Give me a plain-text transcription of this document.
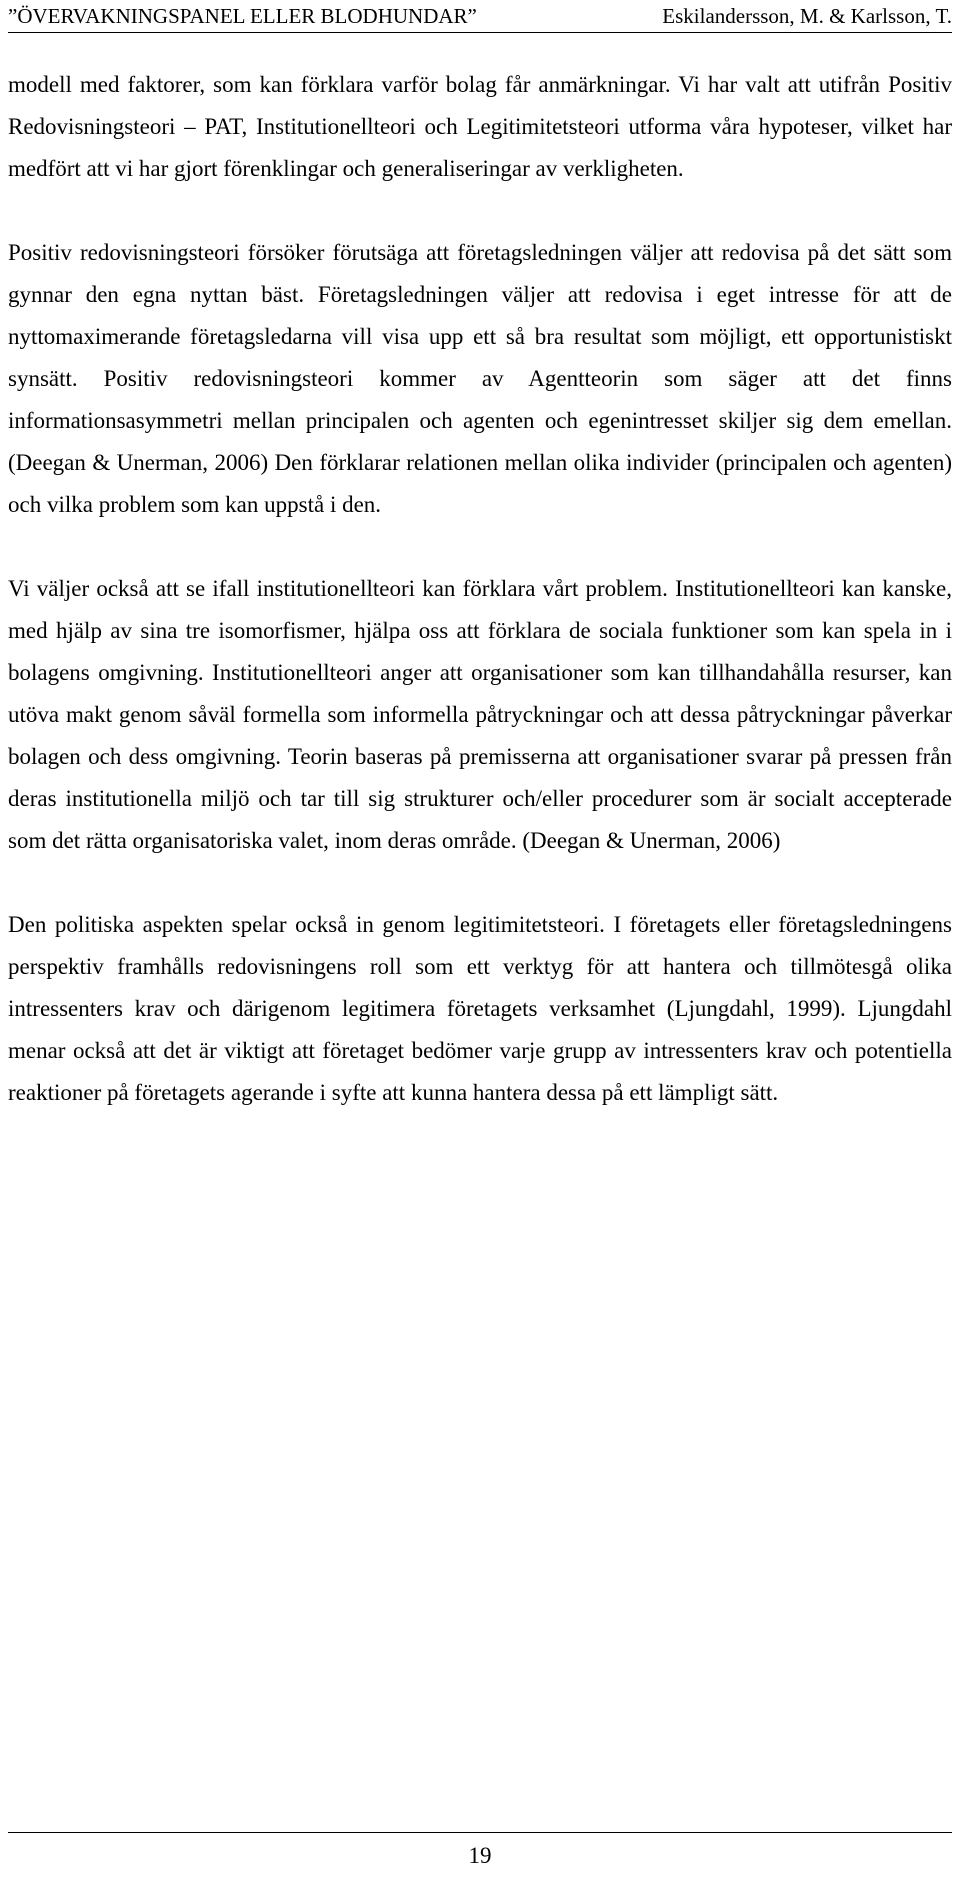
”ÖVERVAKNINGSPANEL ELLER BLODHUNDAR”	Eskilandersson, M. & Karlsson, T.

modell med faktorer, som kan förklara varför bolag får anmärkningar. Vi har valt att utifrån Positiv Redovisningsteori – PAT, Institutionellteori och Legitimitetsteori utforma våra hypoteser, vilket har medfört att vi har gjort förenklingar och generaliseringar av verkligheten.

Positiv redovisningsteori försöker förutsäga att företagsledningen väljer att redovisa på det sätt som gynnar den egna nyttan bäst. Företagsledningen väljer att redovisa i eget intresse för att de nyttomaximerande företagsledarna vill visa upp ett så bra resultat som möjligt, ett opportunistiskt synsätt. Positiv redovisningsteori kommer av Agentteorin som säger att det finns informationsasymmetri mellan principalen och agenten och egenintresset skiljer sig dem emellan. (Deegan & Unerman, 2006) Den förklarar relationen mellan olika individer (principalen och agenten) och vilka problem som kan uppstå i den.

Vi väljer också att se ifall institutionellteori kan förklara vårt problem. Institutionellteori kan kanske, med hjälp av sina tre isomorfismer, hjälpa oss att förklara de sociala funktioner som kan spela in i bolagens omgivning. Institutionellteori anger att organisationer som kan tillhandahålla resurser, kan utöva makt genom såväl formella som informella påtryckningar och att dessa påtryckningar påverkar bolagen och dess omgivning. Teorin baseras på premisserna att organisationer svarar på pressen från deras institutionella miljö och tar till sig strukturer och/eller procedurer som är socialt accepterade som det rätta organisatoriska valet, inom deras område. (Deegan & Unerman, 2006)

Den politiska aspekten spelar också in genom legitimitetsteori. I företagets eller företagsledningens perspektiv framhålls redovisningens roll som ett verktyg för att hantera och tillmötesgå olika intressenters krav och därigenom legitimera företagets verksamhet (Ljungdahl, 1999). Ljungdahl menar också att det är viktigt att företaget bedömer varje grupp av intressenters krav och potentiella reaktioner på företagets agerande i syfte att kunna hantera dessa på ett lämpligt sätt.

19
